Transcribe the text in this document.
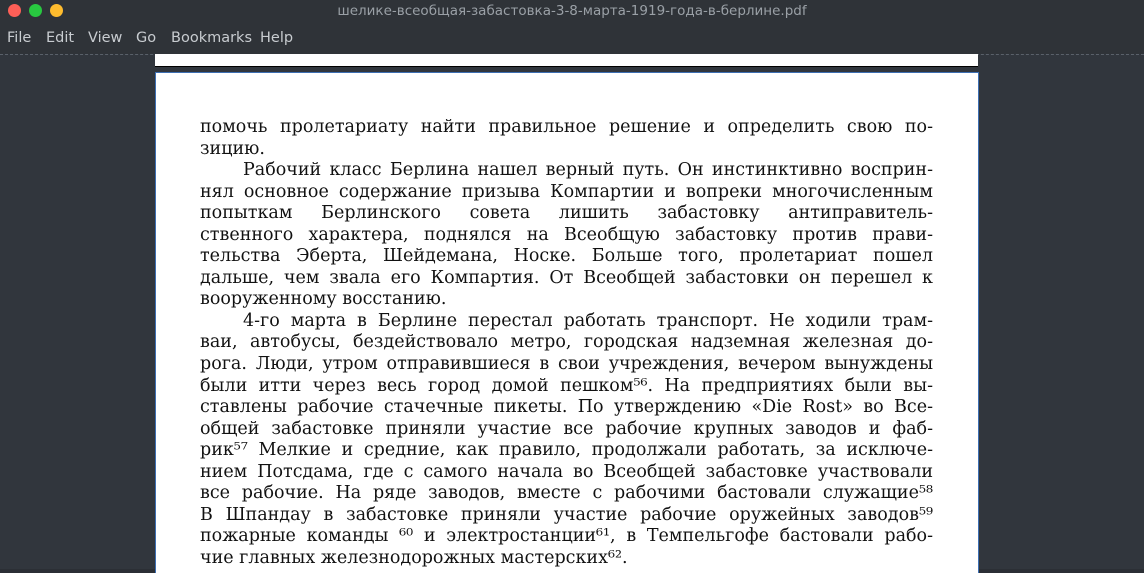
шелике-всеобщая-забастовка-3-8-марта-1919-года-в-берлине.pdf
File Edit View Go Bookmarks Help
помочь пролетариату найти правильное решение и определить свою по-
зицию.
Рабочий класс Берлина нашел верный путь. Он инстинктивно восприн-
нял основное содержание призыва Компартии и вопреки многочисленным
попыткам Берлинского совета лишить забастовку антиправитель-
ственного характера, поднялся на Всеобщую забастовку против прави-
тельства Эберта, Шейдемана, Носке. Больше того, пролетариат пошел
дальше, чем звала его Компартия. От Всеобщей забастовки он перешел к
вооруженному восстанию.
4-го марта в Берлине перестал работать транспорт. Не ходили трам-
ваи, автобусы, бездействовало метро, городская надземная железная до-
рога. Люди, утром отправившиеся в свои учреждения, вечером вынуждены
были итти через весь город домой пешком⁵⁶. На предприятиях были вы-
ставлены рабочие стачечные пикеты. По утверждению «Die Rost» во Все-
общей забастовке приняли участие все рабочие крупных заводов и фаб-
рик⁵⁷ Мелкие и средние, как правило, продолжали работать, за исключе-
нием Потсдама, где с самого начала во Всеобщей забастовке участвовали
все рабочие. На ряде заводов, вместе с рабочими бастовали служащие⁵⁸
В Шпандау в забастовке приняли участие рабочие оружейных заводов⁵⁹
пожарные команды ⁶⁰ и электростанции⁶¹, в Темпельгофе бастовали рабо-
чие главных железнодорожных мастерских⁶².
